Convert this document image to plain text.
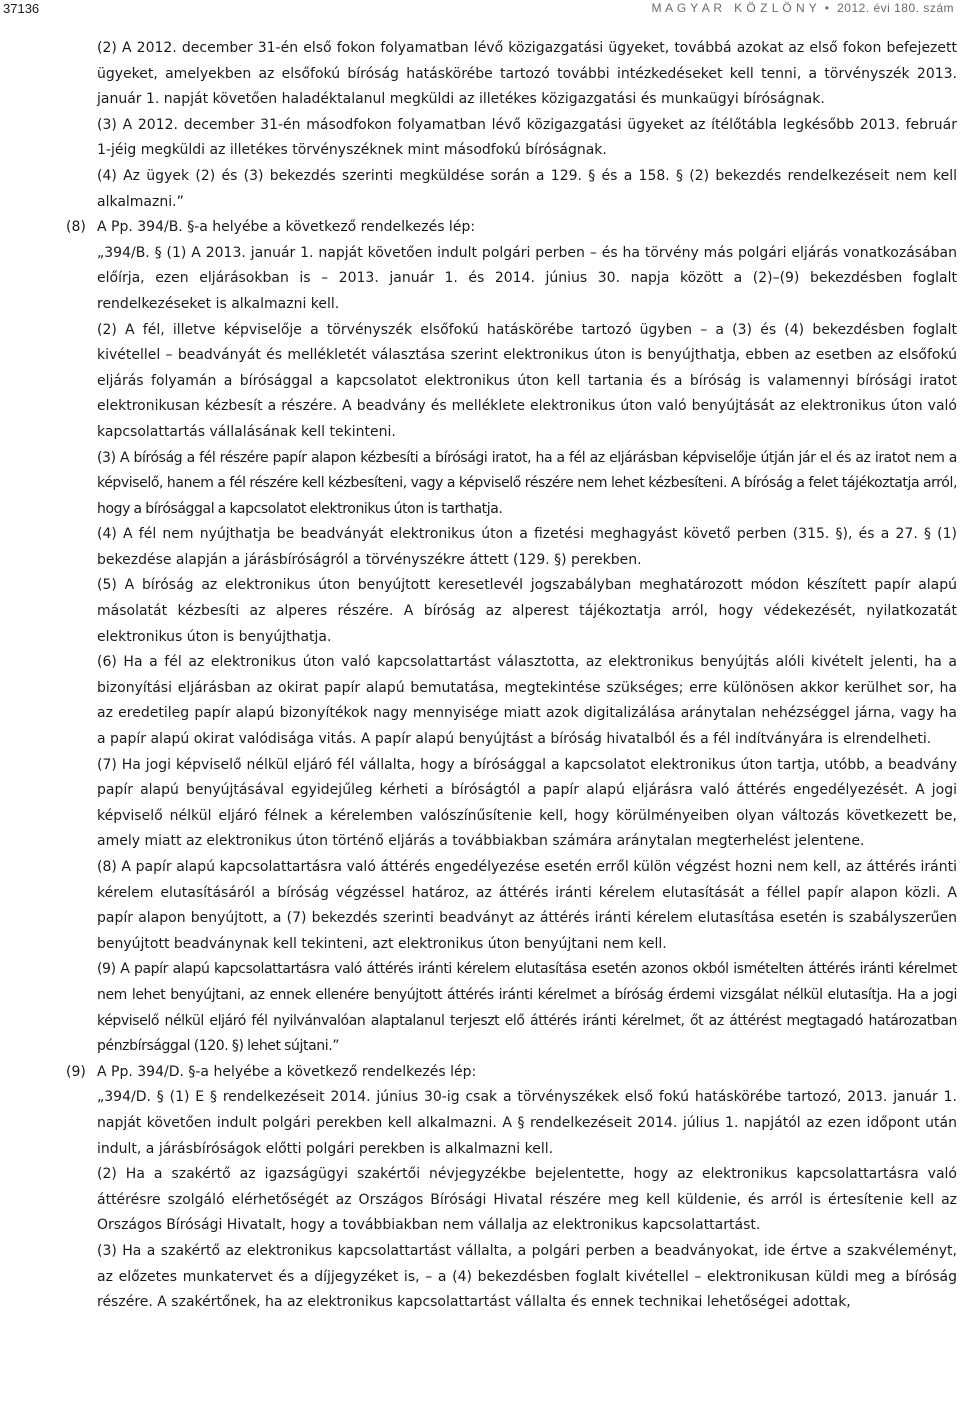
37136	M A G Y A R   K Ö Z L Ö N Y  •  2012. évi 180. szám

(2) A 2012. december 31-én első fokon folyamatban lévő közigazgatási ügyeket, továbbá azokat az első fokon befejezett ügyeket, amelyekben az elsőfokú bíróság hatáskörébe tartozó további intézkedéseket kell tenni, a törvényszék 2013. január 1. napját követően haladéktalanul megküldi az illetékes közigazgatási és munkaügyi bíróságnak.

(3) A 2012. december 31-én másodfokon folyamatban lévő közigazgatási ügyeket az ítélőtábla legkésőbb 2013. február 1-jéig megküldi az illetékes törvényszéknek mint másodfokú bíróságnak.

(4) Az ügyek (2) és (3) bekezdés szerinti megküldése során a 129. § és a 158. § (2) bekezdés rendelkezéseit nem kell alkalmazni.”

(8) A Pp. 394/B. §-a helyébe a következő rendelkezés lép:

„394/B. § (1) A 2013. január 1. napját követően indult polgári perben – és ha törvény más polgári eljárás vonatkozásában előírja, ezen eljárásokban is – 2013. január 1. és 2014. június 30. napja között a (2)–(9) bekezdésben foglalt rendelkezéseket is alkalmazni kell.

(2) A fél, illetve képviselője a törvényszék elsőfokú hatáskörébe tartozó ügyben – a (3) és (4) bekezdésben foglalt kivétellel – beadványát és mellékletét választása szerint elektronikus úton is benyújthatja, ebben az esetben az elsőfokú eljárás folyamán a bírósággal a kapcsolatot elektronikus úton kell tartania és a bíróság is valamennyi bírósági iratot elektronikusan kézbesít a részére. A beadvány és melléklete elektronikus úton való benyújtását az elektronikus úton való kapcsolattartás vállalásának kell tekinteni.

(3) A bíróság a fél részére papír alapon kézbesíti a bírósági iratot, ha a fél az eljárásban képviselője útján jár el és az iratot nem a képviselő, hanem a fél részére kell kézbesíteni, vagy a képviselő részére nem lehet kézbesíteni. A bíróság a felet tájékoztatja arról, hogy a bírósággal a kapcsolatot elektronikus úton is tarthatja.

(4) A fél nem nyújthatja be beadványát elektronikus úton a fizetési meghagyást követő perben (315. §), és a 27. § (1) bekezdése alapján a járásbíróságról a törvényszékre áttett (129. §) perekben.

(5) A bíróság az elektronikus úton benyújtott keresetlevél jogszabályban meghatározott módon készített papír alapú másolatát kézbesíti az alperes részére. A bíróság az alperest tájékoztatja arról, hogy védekezését, nyilatkozatát elektronikus úton is benyújthatja.

(6) Ha a fél az elektronikus úton való kapcsolattartást választotta, az elektronikus benyújtás alóli kivételt jelenti, ha a bizonyítási eljárásban az okirat papír alapú bemutatása, megtekintése szükséges; erre különösen akkor kerülhet sor, ha az eredetileg papír alapú bizonyítékok nagy mennyisége miatt azok digitalizálása aránytalan nehézséggel járna, vagy ha a papír alapú okirat valódisága vitás. A papír alapú benyújtást a bíróság hivatalból és a fél indítványára is elrendelheti.

(7) Ha jogi képviselő nélkül eljáró fél vállalta, hogy a bírósággal a kapcsolatot elektronikus úton tartja, utóbb, a beadvány papír alapú benyújtásával egyidejűleg kérheti a bíróságtól a papír alapú eljárásra való áttérés engedélyezését. A jogi képviselő nélkül eljáró félnek a kérelemben valószínűsítenie kell, hogy körülményeiben olyan változás következett be, amely miatt az elektronikus úton történő eljárás a továbbiakban számára aránytalan megterhelést jelentene.

(8) A papír alapú kapcsolattartásra való áttérés engedélyezése esetén erről külön végzést hozni nem kell, az áttérés iránti kérelem elutasításáról a bíróság végzéssel határoz, az áttérés iránti kérelem elutasítását a féllel papír alapon közli. A papír alapon benyújtott, a (7) bekezdés szerinti beadványt az áttérés iránti kérelem elutasítása esetén is szabályszerűen benyújtott beadványnak kell tekinteni, azt elektronikus úton benyújtani nem kell.

(9) A papír alapú kapcsolattartásra való áttérés iránti kérelem elutasítása esetén azonos okból ismételten áttérés iránti kérelmet nem lehet benyújtani, az ennek ellenére benyújtott áttérés iránti kérelmet a bíróság érdemi vizsgálat nélkül elutasítja. Ha a jogi képviselő nélkül eljáró fél nyilvánvalóan alaptalanul terjeszt elő áttérés iránti kérelmet, őt az áttérést megtagadó határozatban pénzbírsággal (120. §) lehet sújtani.”

(9) A Pp. 394/D. §-a helyébe a következő rendelkezés lép:

„394/D. § (1) E § rendelkezéseit 2014. június 30-ig csak a törvényszékek első fokú hatáskörébe tartozó, 2013. január 1. napját követően indult polgári perekben kell alkalmazni. A § rendelkezéseit 2014. július 1. napjától az ezen időpont után indult, a járásbíróságok előtti polgári perekben is alkalmazni kell.

(2) Ha a szakértő az igazságügyi szakértői névjegyzékbe bejelentette, hogy az elektronikus kapcsolattartásra való áttérésre szolgáló elérhetőségét az Országos Bírósági Hivatal részére meg kell küldenie, és arról is értesítenie kell az Országos Bírósági Hivatalt, hogy a továbbiakban nem vállalja az elektronikus kapcsolattartást.

(3) Ha a szakértő az elektronikus kapcsolattartást vállalta, a polgári perben a beadványokat, ide értve a szakvéleményt, az előzetes munkatervet és a díjjegyzéket is, – a (4) bekezdésben foglalt kivétellel – elektronikusan küldi meg a bíróság részére. A szakértőnek, ha az elektronikus kapcsolattartást vállalta és ennek technikai lehetőségei adottak,
